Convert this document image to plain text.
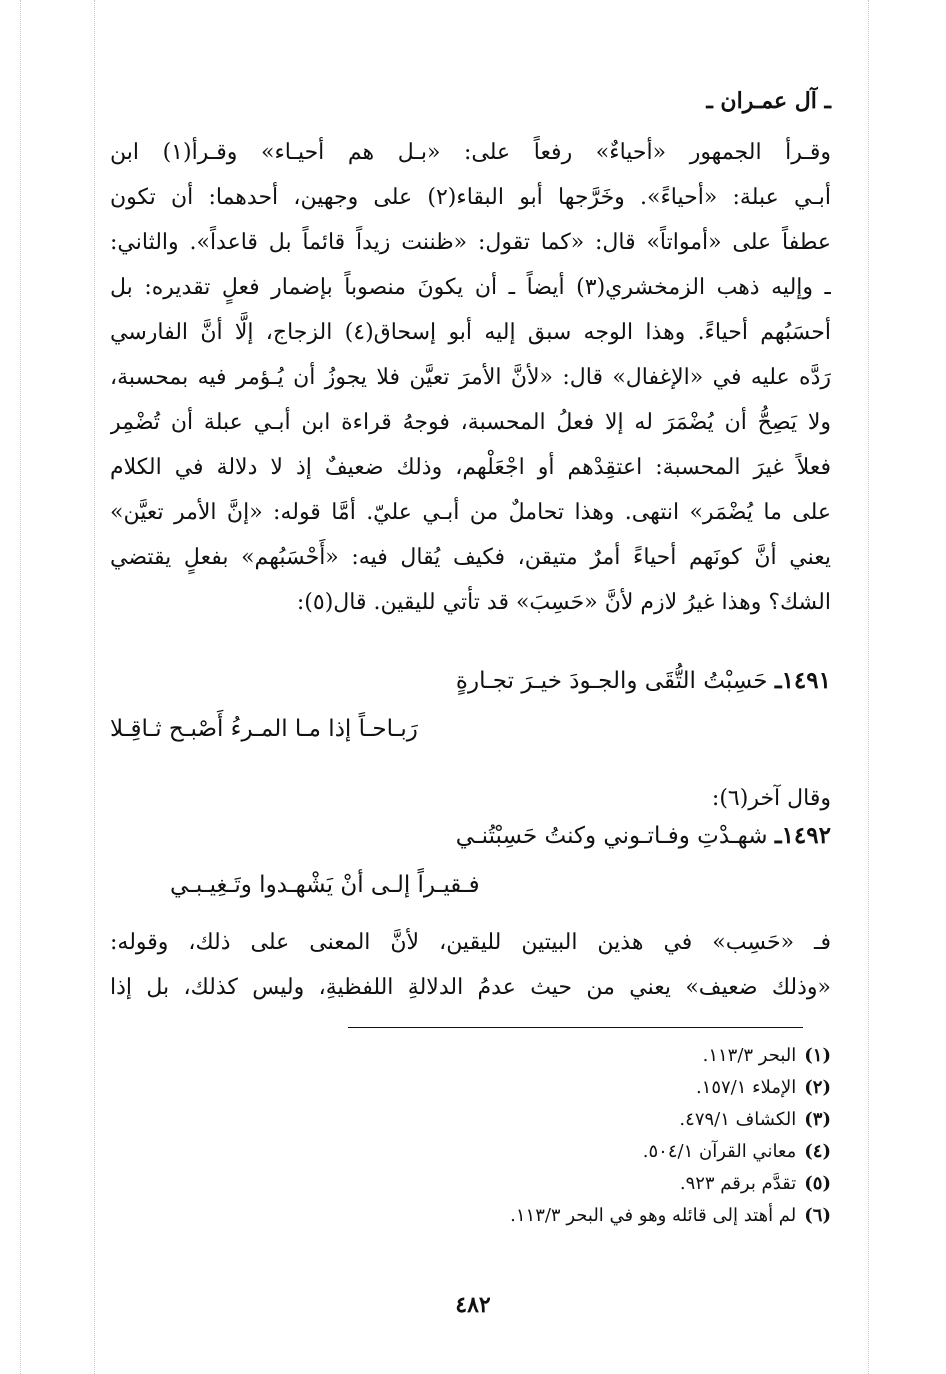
ـ آل عمـران ـ
وقـرأ الجمهور «أحياءٌ» رفعاً على: «بـل هم أحيـاء» وقـرأ(١) ابن
أبـي عبلة: «أحياءً». وخَرَّجها أبو البقاء(٢) على وجهين، أحدهما: أن تكون
عطفاً على «أمواتاً» قال: «كما تقول: «ظننت زيداً قائماً بل قاعداً». والثاني:
ـ وإليه ذهب الزمخشري(٣) أيضاً ـ أن يكونَ منصوباً بإضمار فعلٍ تقديره: بل
أحسَبُهم أحياءً. وهذا الوجه سبق إليه أبو إسحاق(٤) الزجاج، إلَّا أنَّ الفارسي
رَدَّه عليه في «الإغفال» قال: «لأنَّ الأمرَ تعيَّن فلا يجوزُ أن يُـؤمر فيه بمحسبة،
ولا يَصِحُّ أن يُضْمَرَ له إلا فعلُ المحسبة، فوجهُ قراءة ابن أبـي عبلة أن تُضْمِر
فعلاً غيرَ المحسبة: اعتقِدْهم أو اجْعَلْهم، وذلك ضعيفٌ إذ لا دلالة في الكلام
على ما يُضْمَر» انتهى. وهذا تحاملٌ من أبـي عليّ. أمَّا قوله: «إنَّ الأمر تعيَّن»
يعني أنَّ كونَهم أحياءً أمرٌ متيقن، فكيف يُقال فيه: «أَحْسَبُهم» بفعلٍ يقتضي
الشك؟ وهذا غيرُ لازم لأنَّ «حَسِبَ» قد تأتي لليقين. قال(٥):
١٤٩١ـ حَسِبْتُ التُّقَى والجـودَ خيـرَ تجـارةٍ
رَبـاحـاً إذا مـا المـرءُ أَصْبـح ثـاقِـلا
وقال آخر(٦):
١٤٩٢ـ شهـدْتِ وفـاتـوني وكنتُ حَسِبْتُنـي
فـقيـراً إلـى أنْ يَشْهـدوا وتَـغِيـبـي
فـ «حَسِب» في هذين البيتين لليقين، لأنَّ المعنى على ذلك، وقوله:
«وذلك ضعيف» يعني من حيث عدمُ الدلالةِ اللفظيةِ، وليس كذلك، بل إذا
(١)البحر ١١٣/٣.
(٢)الإملاء ١٥٧/١.
(٣)الكشاف ٤٧٩/١.
(٤)معاني القرآن ٥٠٤/١.
(٥)تقدَّم برقم ٩٢٣.
(٦)لم أهتد إلى قائله وهو في البحر ١١٣/٣.
٤٨٢
